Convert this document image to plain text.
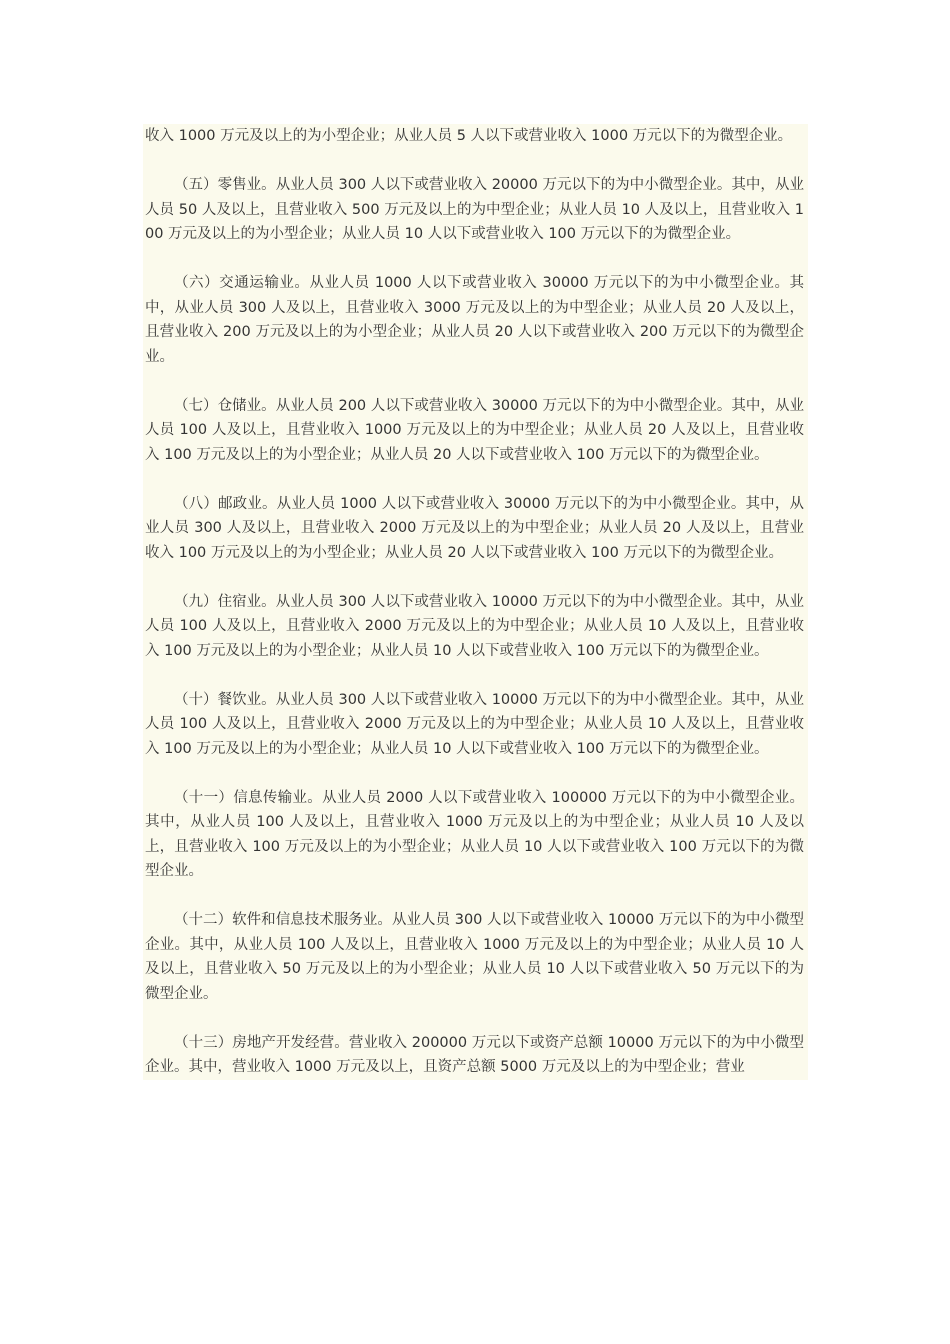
收入 1000 万元及以上的为小型企业；从业人员 5 人以下或营业收入 1000 万元以下的为微型企业。

（五）零售业。从业人员 300 人以下或营业收入 20000 万元以下的为中小微型企业。其中，从业人员 50 人及以上，且营业收入 500 万元及以上的为中型企业；从业人员 10 人及以上，且营业收入 100 万元及以上的为小型企业；从业人员 10 人以下或营业收入 100 万元以下的为微型企业。

（六）交通运输业。从业人员 1000 人以下或营业收入 30000 万元以下的为中小微型企业。其中，从业人员 300 人及以上，且营业收入 3000 万元及以上的为中型企业；从业人员 20 人及以上，且营业收入 200 万元及以上的为小型企业；从业人员 20 人以下或营业收入 200 万元以下的为微型企业。

（七）仓储业。从业人员 200 人以下或营业收入 30000 万元以下的为中小微型企业。其中，从业人员 100 人及以上，且营业收入 1000 万元及以上的为中型企业；从业人员 20 人及以上，且营业收入 100 万元及以上的为小型企业；从业人员 20 人以下或营业收入 100 万元以下的为微型企业。

（八）邮政业。从业人员 1000 人以下或营业收入 30000 万元以下的为中小微型企业。其中，从业人员 300 人及以上，且营业收入 2000 万元及以上的为中型企业；从业人员 20 人及以上，且营业收入 100 万元及以上的为小型企业；从业人员 20 人以下或营业收入 100 万元以下的为微型企业。

（九）住宿业。从业人员 300 人以下或营业收入 10000 万元以下的为中小微型企业。其中，从业人员 100 人及以上，且营业收入 2000 万元及以上的为中型企业；从业人员 10 人及以上，且营业收入 100 万元及以上的为小型企业；从业人员 10 人以下或营业收入 100 万元以下的为微型企业。

（十）餐饮业。从业人员 300 人以下或营业收入 10000 万元以下的为中小微型企业。其中，从业人员 100 人及以上，且营业收入 2000 万元及以上的为中型企业；从业人员 10 人及以上，且营业收入 100 万元及以上的为小型企业；从业人员 10 人以下或营业收入 100 万元以下的为微型企业。

（十一）信息传输业。从业人员 2000 人以下或营业收入 100000 万元以下的为中小微型企业。其中，从业人员 100 人及以上，且营业收入 1000 万元及以上的为中型企业；从业人员 10 人及以上，且营业收入 100 万元及以上的为小型企业；从业人员 10 人以下或营业收入 100 万元以下的为微型企业。

（十二）软件和信息技术服务业。从业人员 300 人以下或营业收入 10000 万元以下的为中小微型企业。其中，从业人员 100 人及以上，且营业收入 1000 万元及以上的为中型企业；从业人员 10 人及以上，且营业收入 50 万元及以上的为小型企业；从业人员 10 人以下或营业收入 50 万元以下的为微型企业。

（十三）房地产开发经营。营业收入 200000 万元以下或资产总额 10000 万元以下的为中小微型企业。其中，营业收入 1000 万元及以上，且资产总额 5000 万元及以上的为中型企业；营业
